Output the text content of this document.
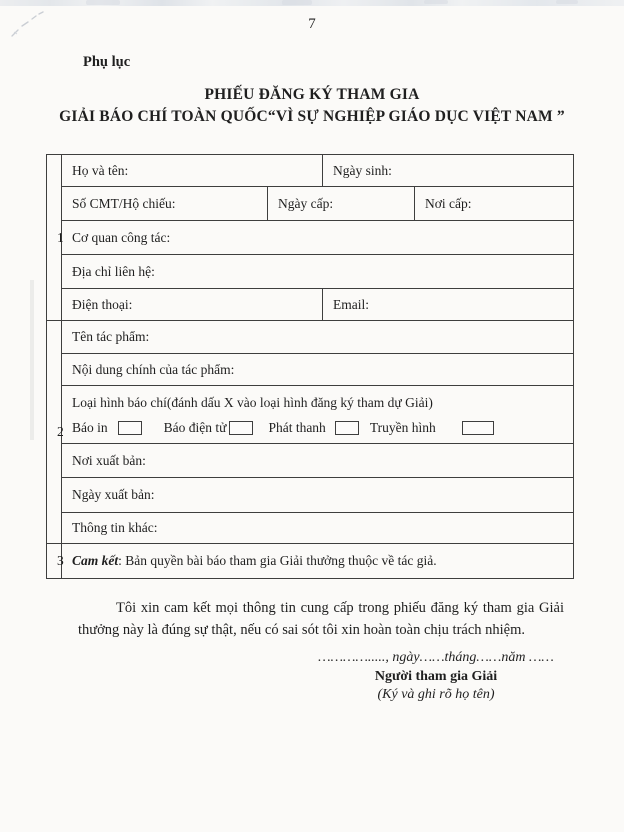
7
Phụ lục
PHIẾU ĐĂNG KÝ THAM GIA
GIẢI BÁO CHÍ TOÀN QUỐC“VÌ SỰ NGHIỆP GIÁO DỤC VIỆT NAM ”
1	Họ và tên:		Ngày sinh:	
	Số CMT/Hộ chiếu:	Ngày cấp:		Nơi cấp:
	Cơ quan công tác:			
	Địa chỉ liên hệ:			
	Điện thoại:		Email:	
2	Tên tác phẩm:			
	Nội dung chính của tác phẩm:			

	Loại hình báo chí(đánh dấu X vào loại hình đăng ký tham dự Giải)
Báo in Báo điện tử Phát thanh Truyền hình			

	Nơi xuất bản:			
	Ngày xuất bản:			
	Thông tin khác:			
3	Cam kết: Bản quyền bài báo tham gia Giải thưởng thuộc về tác giả.			
Tôi xin cam kết mọi thông tin cung cấp trong phiếu đăng ký tham gia Giải thưởng này là đúng sự thật, nếu có sai sót tôi xin hoàn toàn chịu trách nhiệm.
…………....., ngày……tháng……năm ……
Người tham gia Giải
(Ký và ghi rõ họ tên)
